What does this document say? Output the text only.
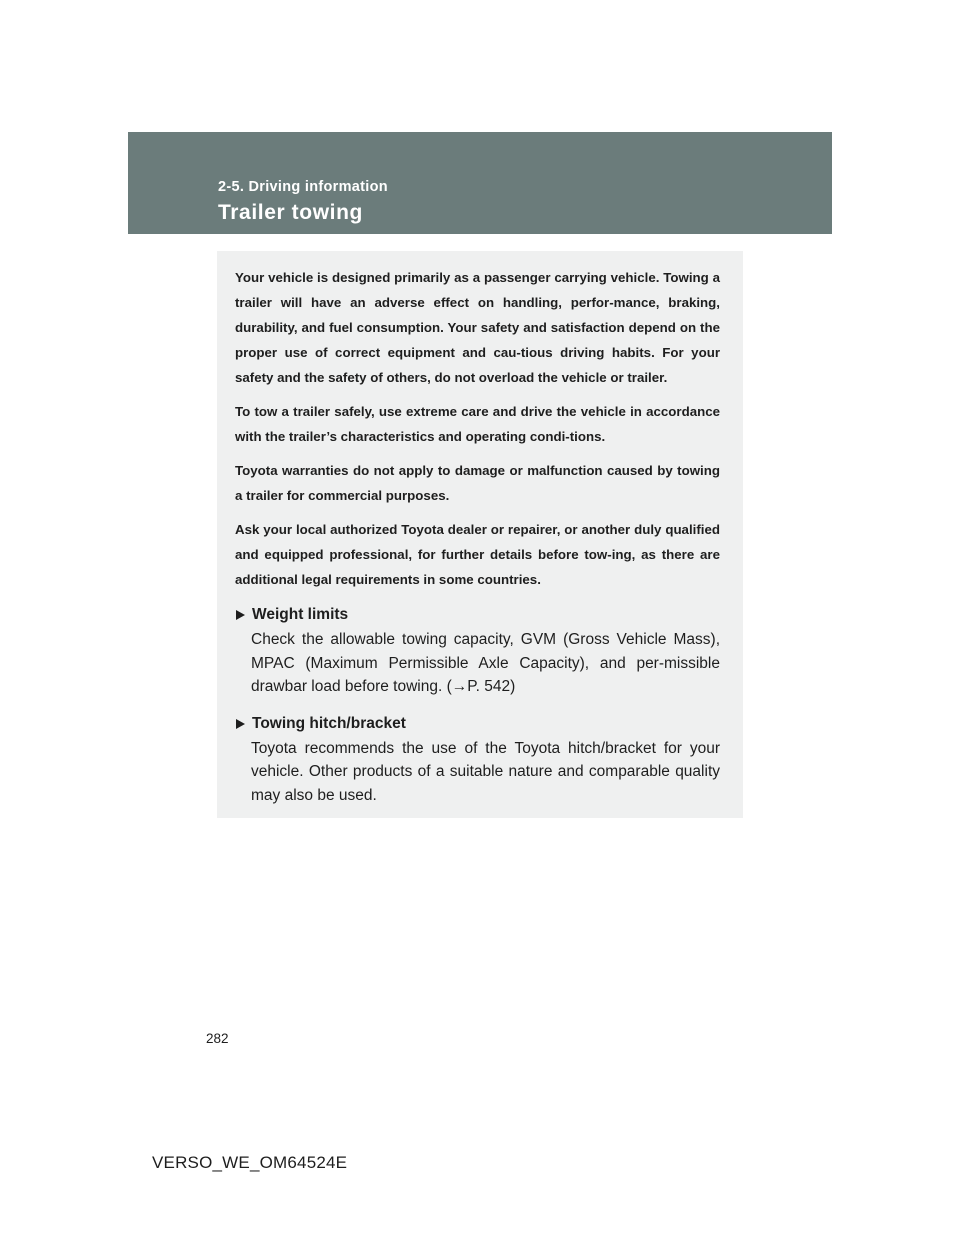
2-5. Driving information

Trailer towing

Your vehicle is designed primarily as a passenger carrying vehicle. Towing a trailer will have an adverse effect on handling, perfor-mance, braking, durability, and fuel consumption. Your safety and satisfaction depend on the proper use of correct equipment and cau-tious driving habits. For your safety and the safety of others, do not overload the vehicle or trailer.

To tow a trailer safely, use extreme care and drive the vehicle in accordance with the trailer’s characteristics and operating condi-tions.

Toyota warranties do not apply to damage or malfunction caused by towing a trailer for commercial purposes.

Ask your local authorized Toyota dealer or repairer, or another duly qualified and equipped professional, for further details before tow-ing, as there are additional legal requirements in some countries.

Weight limits

Check the allowable towing capacity, GVM (Gross Vehicle Mass), MPAC (Maximum Permissible Axle Capacity), and per-missible drawbar load before towing. (→P. 542)

Towing hitch/bracket

Toyota recommends the use of the Toyota hitch/bracket for your vehicle. Other products of a suitable nature and comparable quality may also be used.

282
VERSO_WE_OM64524E
